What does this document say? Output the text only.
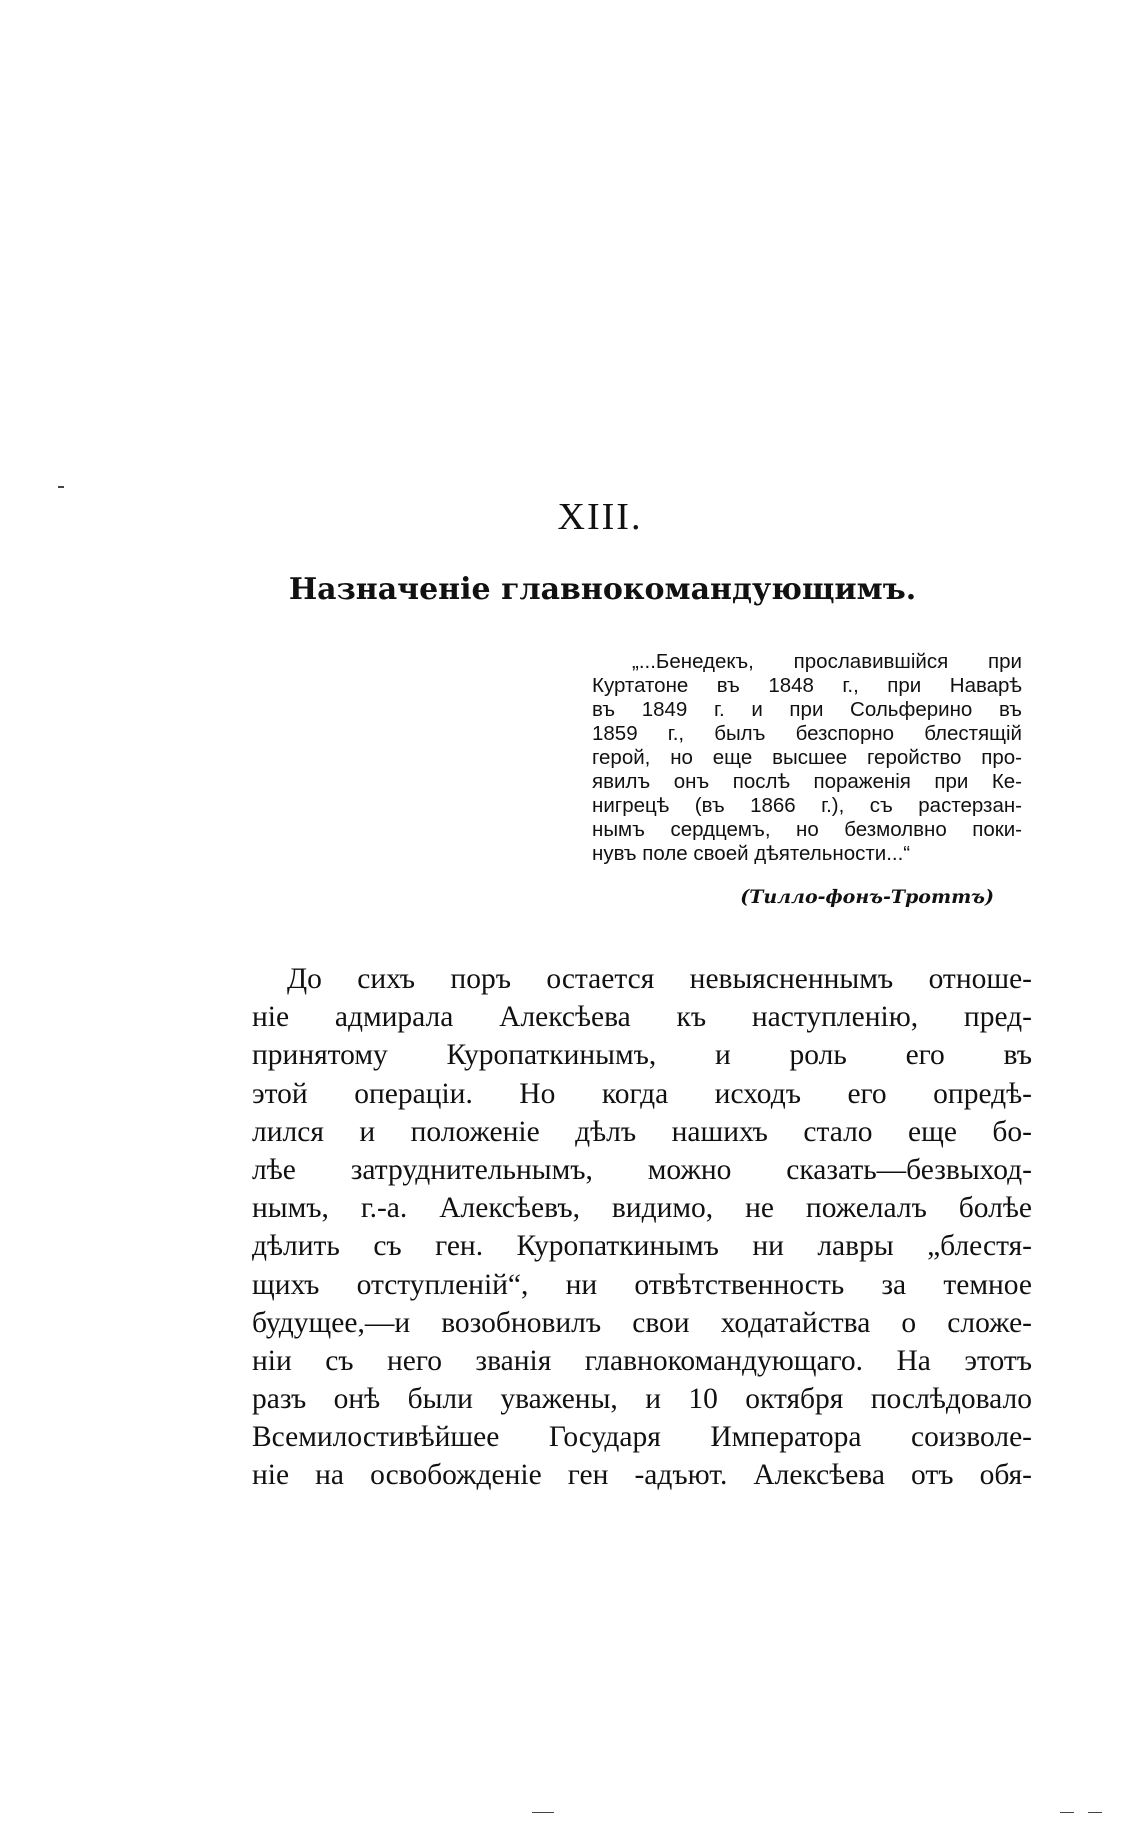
XIII.
Назначенiе главнокомандующимъ.
„...Бенедекъ, прославившiйся при
Куртатоне въ 1848 г., при Наварѣ
въ 1849 г. и при Сольферино въ
1859 г., былъ безспорно блестящiй
герой, но еще высшее геройство про-
явилъ онъ послѣ пораженiя при Ке-
нигрецѣ (въ 1866 г.), съ растерзан-
нымъ сердцемъ, но безмолвно поки-
нувъ поле своей дѣятельности...“
(Тилло-фонъ-Троттъ)
До сихъ поръ остается невыясненнымъ отноше-
нiе адмирала Алексѣева къ наступленiю, пред-
принятому Куропаткинымъ, и роль его въ
этой операцiи. Но когда исходъ его опредѣ-
лился и положенiе дѣлъ нашихъ стало еще бо-
лѣе затруднительнымъ, можно сказать—безвыход-
нымъ, г.-а. Алексѣевъ, видимо, не пожелалъ болѣе
дѣлить съ ген. Куропаткинымъ ни лавры „блестя-
щихъ отступленiй“, ни отвѣтственность за темное
будущее,—и возобновилъ свои ходатайства о сложе-
нiи съ него званiя главнокомандующаго. На этотъ
разъ онѣ были уважены, и 10 октября послѣдовало
Всемилостивѣйшее Государя Императора соизволе-
нiе на освобожденiе ген -адъют. Алексѣева отъ обя-
